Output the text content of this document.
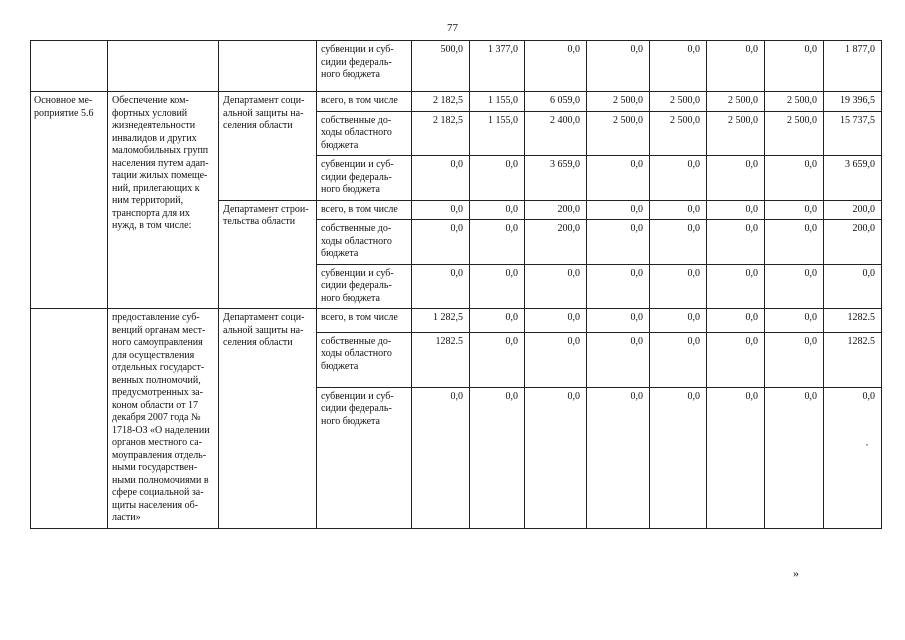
77
			субвенции и суб-сидии федераль-ного бюджета	500,0	1 377,0	0,0	0,0	0,0	0,0	0,0	1 877,0
Основное ме-роприятие 5.6	Обеспечение ком-фортных условий жизнедеятельности инвалидов и других маломобильных групп населения путем адап-тации жилых помеще-ний, прилегающих к ним территорий, транспорта для их нужд, в том числе:	Департамент соци-альной защиты на-селения области	всего, в том числе	2 182,5	1 155,0	6 059,0	2 500,0	2 500,0	2 500,0	2 500,0	19 396,5
			собственные до-ходы областного бюджета	2 182,5	1 155,0	2 400,0	2 500,0	2 500,0	2 500,0	2 500,0	15 737,5
			субвенции и суб-сидии федераль-ного бюджета	0,0	0,0	3 659,0	0,0	0,0	0,0	0,0	3 659,0
		Департамент строи-тельства области	всего, в том числе	0,0	0,0	200,0	0,0	0,0	0,0	0,0	200,0
			собственные до-ходы областного бюджета	0,0	0,0	200,0	0,0	0,0	0,0	0,0	200,0
			субвенции и суб-сидии федераль-ного бюджета	0,0	0,0	0,0	0,0	0,0	0,0	0,0	0,0
	предоставление суб-венций органам мест-ного самоуправления для осуществления отдельных государст-венных полномочий, предусмотренных за-коном области от 17 декабря 2007 года № 1718-ОЗ «О наделении органов местного са-моуправления отдель-ными государствен-ными полномочиями в сфере социальной за-щиты населения об-ласти»	Департамент соци-альной защиты на-селения области	всего, в том числе	1 282,5	0,0	0,0	0,0	0,0	0,0	0,0	1282.5
			собственные до-ходы областного бюджета	1282.5	0,0	0,0	0,0	0,0	0,0	0,0	1282.5
			субвенции и суб-сидии федераль-ного бюджета	0,0	0,0	0,0	0,0	0,0	0,0	0,0	0,0
,
»
